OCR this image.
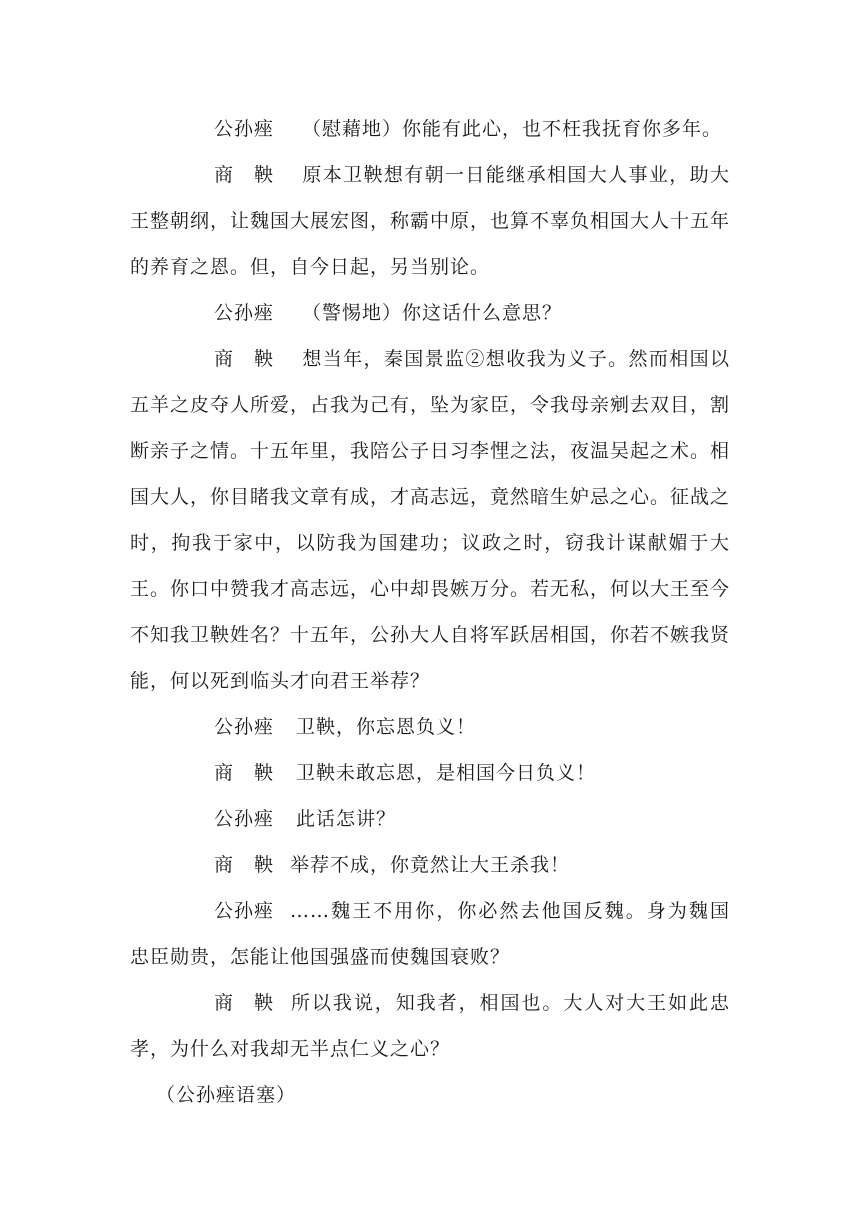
公孙痤 （慰藉地）你能有此心，也不枉我抚育你多年。

商　鞅 原本卫鞅想有朝一日能继承相国大人事业，助大王整朝纲，让魏国大展宏图，称霸中原，也算不辜负相国大人十五年的养育之恩。但，自今日起，另当别论。

公孙痤 （警惕地）你这话什么意思？

商　鞅 想当年，秦国景监②想收我为义子。然而相国以五羊之皮夺人所爱，占我为己有，坠为家臣，令我母亲剜去双目，割断亲子之情。十五年里，我陪公子日习李悝之法，夜温吴起之术。相国大人，你目睹我文章有成，才高志远，竟然暗生妒忌之心。征战之时，拘我于家中，以防我为国建功；议政之时，窃我计谋献媚于大王。你口中赞我才高志远，心中却畏嫉万分。若无私，何以大王至今不知我卫鞅姓名？十五年，公孙大人自将军跃居相国，你若不嫉我贤能，何以死到临头才向君王举荐？

公孙痤 卫鞅，你忘恩负义！

商　鞅 卫鞅未敢忘恩，是相国今日负义！

公孙痤 此话怎讲？

商　鞅 举荐不成，你竟然让大王杀我！

公孙痤 ……魏王不用你，你必然去他国反魏。身为魏国忠臣勋贵，怎能让他国强盛而使魏国衰败？

商　鞅 所以我说，知我者，相国也。大人对大王如此忠孝，为什么对我却无半点仁义之心？

（公孙痤语塞）
